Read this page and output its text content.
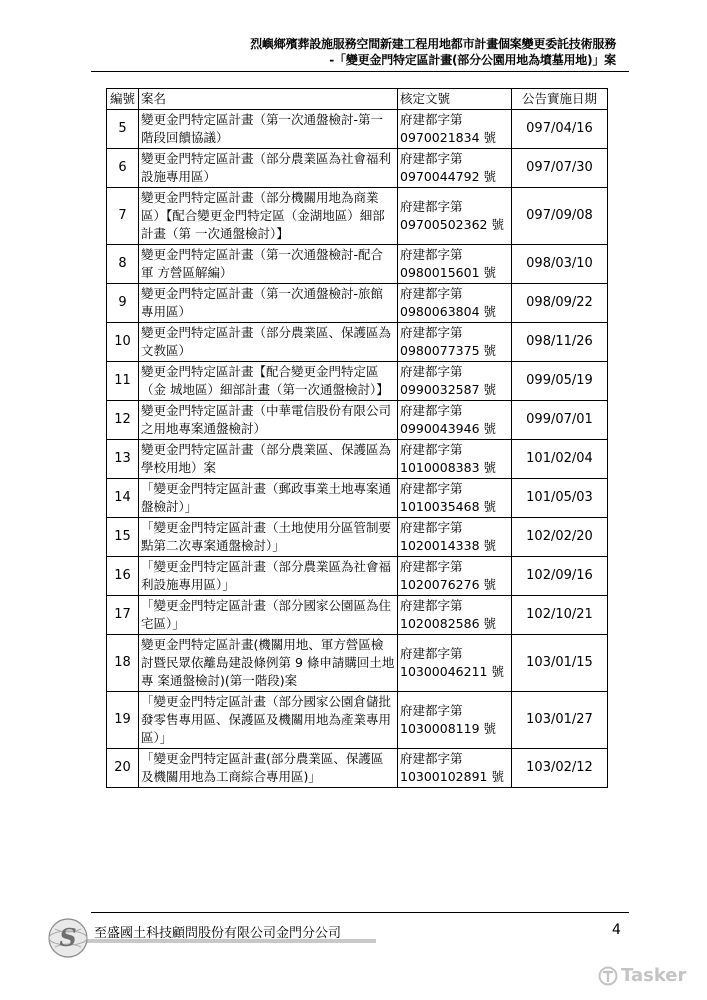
烈嶼鄉殯葬設施服務空間新建工程用地都市計畫個案變更委託技術服務
-「變更金門特定區計畫(部分公園用地為墳墓用地)」案
編號	案名	核定文號	公告實施日期
5	變更金門特定區計畫（第一次通盤檢討-第一階段回饋協議）	府建都字第
0970021834 號	097/04/16
6	變更金門特定區計畫（部分農業區為社會福利設施專用區）	府建都字第
0970044792 號	097/07/30
7	變更金門特定區計畫（部分機關用地為商業區）【配合變更金門特定區（金湖地區）細部計畫（第 一次通盤檢討）】	府建都字第
09700502362 號	097/09/08
8	變更金門特定區計畫（第一次通盤檢討-配合軍 方營區解編）	府建都字第
0980015601 號	098/03/10
9	變更金門特定區計畫（第一次通盤檢討-旅館專用區）	府建都字第
0980063804 號	098/09/22
10	變更金門特定區計畫（部分農業區、保護區為文教區）	府建都字第
0980077375 號	098/11/26
11	變更金門特定區計畫【配合變更金門特定區（金 城地區）細部計畫（第一次通盤檢討）】	府建都字第
0990032587 號	099/05/19
12	變更金門特定區計畫（中華電信股份有限公司 之用地專案通盤檢討）	府建都字第
0990043946 號	099/07/01
13	變更金門特定區計畫（部分農業區、保護區為學校用地）案	府建都字第
1010008383 號	101/02/04
14	「變更金門特定區計畫（郵政事業土地專案通盤檢討）」	府建都字第
1010035468 號	101/05/03
15	「變更金門特定區計畫（土地使用分區管制要點第二次專案通盤檢討）」	府建都字第
1020014338 號	102/02/20
16	「變更金門特定區計畫（部分農業區為社會福利設施專用區）」	府建都字第
1020076276 號	102/09/16
17	「變更金門特定區計畫（部分國家公園區為住宅區）」	府建都字第
1020082586 號	102/10/21
18	變更金門特定區計畫(機關用地、軍方營區檢討暨民眾依離島建設條例第 9 條申請購回土地專 案通盤檢討)(第一階段)案	府建都字第
10300046211 號	103/01/15
19	「變更金門特定區計畫（部分國家公園倉儲批 發零售專用區、保護區及機關用地為產業專用區）」	府建都字第
1030008119 號	103/01/27
20	「變更金門特定區計畫(部分農業區、保護區及機關用地為工商綜合專用區)」	府建都字第
10300102891 號	103/02/12
S 至盛國土科技顧問股份有限公司金門分公司	4
Tasker
